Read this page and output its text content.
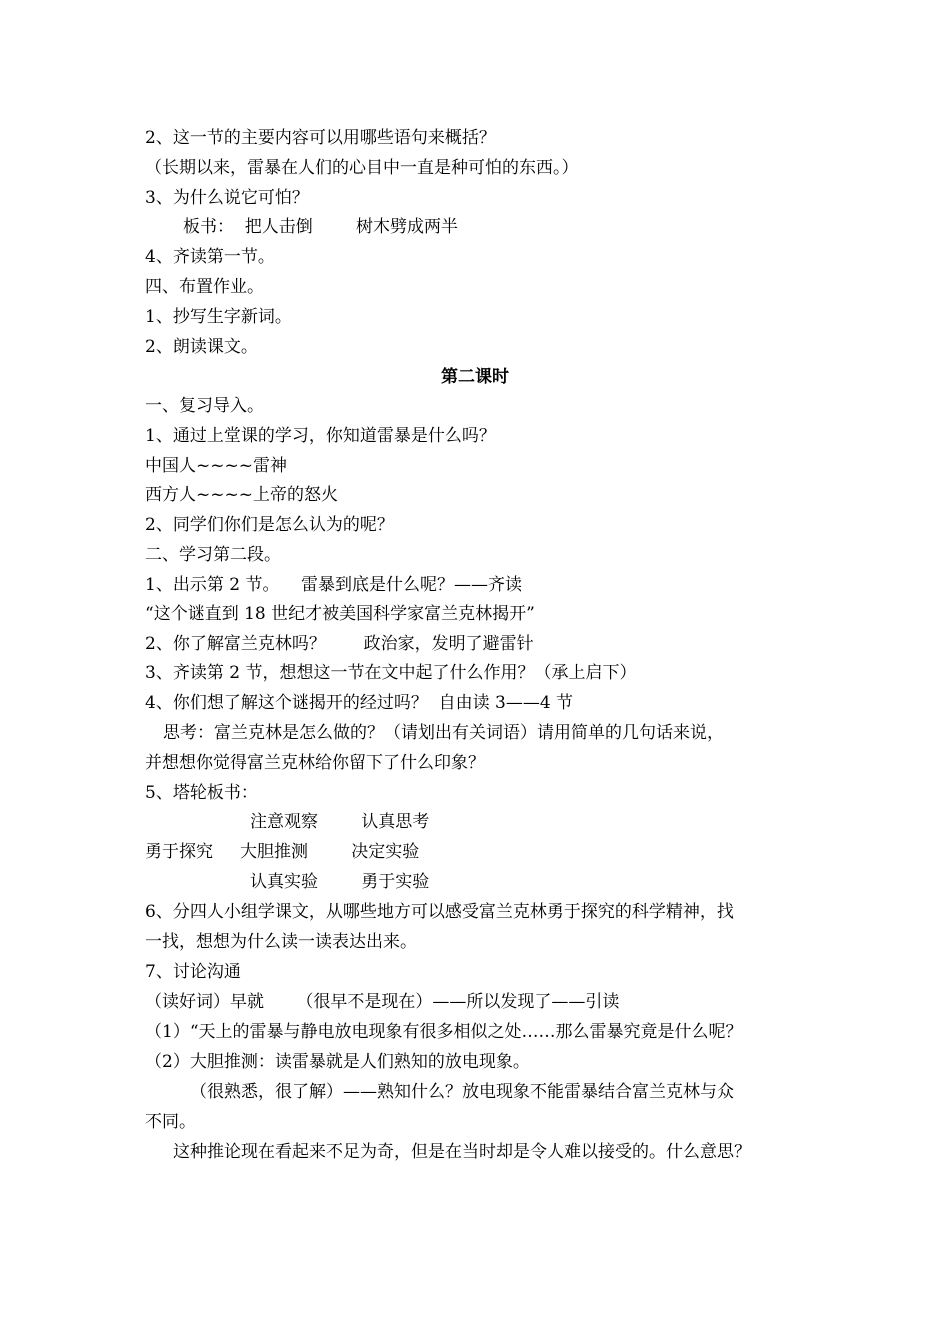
2、这一节的主要内容可以用哪些语句来概括？
（长期以来，雷暴在人们的心目中一直是种可怕的东西。）
3、为什么说它可怕？
板书：  把人击倒        树木劈成两半
4、齐读第一节。
四、布置作业。
1、抄写生字新词。
2、朗读课文。
第二课时
一、复习导入。
1、通过上堂课的学习，你知道雷暴是什么吗？
中国人~~~~雷神
西方人~~~~上帝的怒火
2、同学们你们是怎么认为的呢？
二、学习第二段。
1、出示第 2 节。    雷暴到底是什么呢？——齐读
“这个谜直到 18 世纪才被美国科学家富兰克林揭开”
2、你了解富兰克林吗？       政治家，发明了避雷针
3、齐读第 2 节，想想这一节在文中起了什么作用？（承上启下）
4、你们想了解这个谜揭开的经过吗？  自由读 3——4 节
思考：富兰克林是怎么做的？（请划出有关词语）请用简单的几句话来说，
并想想你觉得富兰克林给你留下了什么印象？
5、塔轮板书：
注意观察        认真思考
勇于探究     大胆推测        决定实验
认真实验        勇于实验
6、分四人小组学课文，从哪些地方可以感受富兰克林勇于探究的科学精神，找
一找，想想为什么读一读表达出来。
7、讨论沟通
（读好词）早就      （很早不是现在）——所以发现了——引读
（1）“天上的雷暴与静电放电现象有很多相似之处……那么雷暴究竟是什么呢？
（2）大胆推测：读雷暴就是人们熟知的放电现象。
（很熟悉，很了解）——熟知什么？放电现象不能雷暴结合富兰克林与众
不同。
这种推论现在看起来不足为奇，但是在当时却是令人难以接受的。什么意思？
